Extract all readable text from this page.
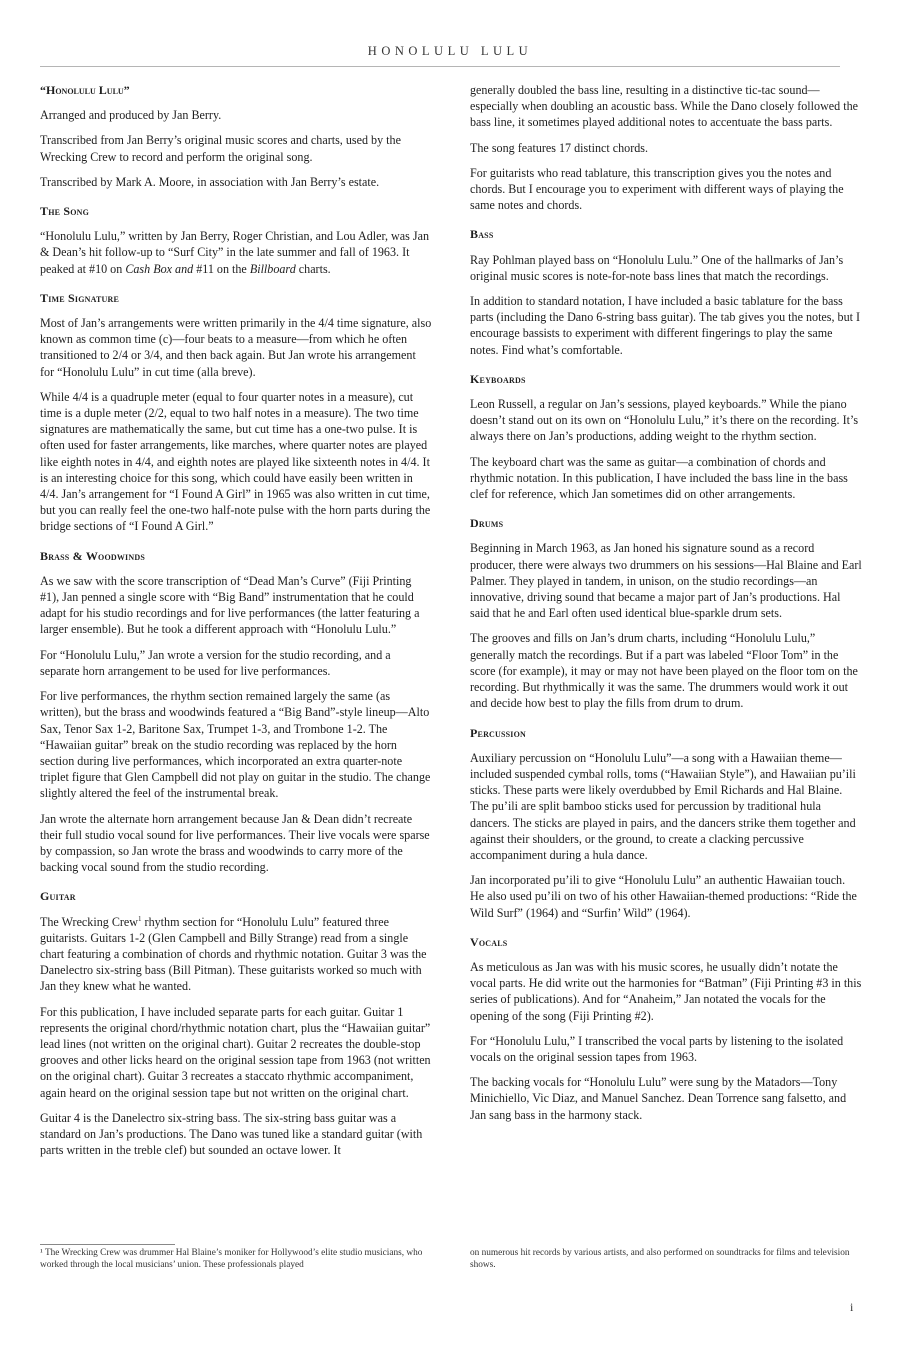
HONOLULU LULU
“Honolulu Lulu”

Arranged and produced by Jan Berry.

Transcribed from Jan Berry’s original music scores and charts, used by the Wrecking Crew to record and perform the original song.

Transcribed by Mark A. Moore, in association with Jan Berry’s estate.

The Song

“Honolulu Lulu,” written by Jan Berry, Roger Christian, and Lou Adler, was Jan & Dean’s hit follow-up to “Surf City” in the late summer and fall of 1963. It peaked at #10 on Cash Box and #11 on the Billboard charts.

Time Signature

Most of Jan’s arrangements were written primarily in the 4/4 time signature, also known as common time (c)—four beats to a measure—from which he often transitioned to 2/4 or 3/4, and then back again. But Jan wrote his arrangement for “Honolulu Lulu” in cut time (alla breve).

While 4/4 is a quadruple meter (equal to four quarter notes in a measure), cut time is a duple meter (2/2, equal to two half notes in a measure). The two time signatures are mathematically the same, but cut time has a one-two pulse. It is often used for faster arrangements, like marches, where quarter notes are played like eighth notes in 4/4, and eighth notes are played like sixteenth notes in 4/4. It is an interesting choice for this song, which could have easily been written in 4/4. Jan’s arrangement for “I Found A Girl” in 1965 was also written in cut time, but you can really feel the one-two half-note pulse with the horn parts during the bridge sections of “I Found A Girl.”

Brass & Woodwinds

As we saw with the score transcription of “Dead Man’s Curve” (Fiji Printing #1), Jan penned a single score with “Big Band” instrumentation that he could adapt for his studio recordings and for live performances (the latter featuring a larger ensemble). But he took a different approach with “Honolulu Lulu.”

For “Honolulu Lulu,” Jan wrote a version for the studio recording, and a separate horn arrangement to be used for live performances.

For live performances, the rhythm section remained largely the same (as written), but the brass and woodwinds featured a “Big Band”-style lineup—Alto Sax, Tenor Sax 1-2, Baritone Sax, Trumpet 1-3, and Trombone 1-2. The “Hawaiian guitar” break on the studio recording was replaced by the horn section during live performances, which incorporated an extra quarter-note triplet figure that Glen Campbell did not play on guitar in the studio. The change slightly altered the feel of the instrumental break.

Jan wrote the alternate horn arrangement because Jan & Dean didn’t recreate their full studio vocal sound for live performances. Their live vocals were sparse by compassion, so Jan wrote the brass and woodwinds to carry more of the backing vocal sound from the studio recording.

Guitar

The Wrecking Crew$^1$ rhythm section for “Honolulu Lulu” featured three guitarists. Guitars 1-2 (Glen Campbell and Billy Strange) read from a single chart featuring a combination of chords and rhythmic notation. Guitar 3 was the Danelectro six-string bass (Bill Pitman). These guitarists worked so much with Jan they knew what he wanted.

For this publication, I have included separate parts for each guitar. Guitar 1 represents the original chord/rhythmic notation chart, plus the “Hawaiian guitar” lead lines (not written on the original chart). Guitar 2 recreates the double-stop grooves and other licks heard on the original session tape from 1963 (not written on the original chart). Guitar 3 recreates a staccato rhythmic accompaniment, again heard on the original session tape but not written on the original chart.

Guitar 4 is the Danelectro six-string bass. The six-string bass guitar was a standard on Jan’s productions. The Dano was tuned like a standard guitar (with parts written in the treble clef) but sounded an octave lower. It

generally doubled the bass line, resulting in a distinctive tic-tac sound—especially when doubling an acoustic bass. While the Dano closely followed the bass line, it sometimes played additional notes to accentuate the bass parts.

The song features 17 distinct chords.

For guitarists who read tablature, this transcription gives you the notes and chords. But I encourage you to experiment with different ways of playing the same notes and chords.

Bass

Ray Pohlman played bass on “Honolulu Lulu.” One of the hallmarks of Jan’s original music scores is note-for-note bass lines that match the recordings.

In addition to standard notation, I have included a basic tablature for the bass parts (including the Dano 6-string bass guitar). The tab gives you the notes, but I encourage bassists to experiment with different fingerings to play the same notes. Find what’s comfortable.

Keyboards

Leon Russell, a regular on Jan’s sessions, played keyboards.” While the piano doesn’t stand out on its own on “Honolulu Lulu,” it’s there on the recording. It’s always there on Jan’s productions, adding weight to the rhythm section.

The keyboard chart was the same as guitar—a combination of chords and rhythmic notation. In this publication, I have included the bass line in the bass clef for reference, which Jan sometimes did on other arrangements.

Drums

Beginning in March 1963, as Jan honed his signature sound as a record producer, there were always two drummers on his sessions—Hal Blaine and Earl Palmer. They played in tandem, in unison, on the studio recordings—an innovative, driving sound that became a major part of Jan’s productions. Hal said that he and Earl often used identical blue-sparkle drum sets.

The grooves and fills on Jan’s drum charts, including “Honolulu Lulu,” generally match the recordings. But if a part was labeled “Floor Tom” in the score (for example), it may or may not have been played on the floor tom on the recording. But rhythmically it was the same. The drummers would work it out and decide how best to play the fills from drum to drum.

Percussion

Auxiliary percussion on “Honolulu Lulu”—a song with a Hawaiian theme—included suspended cymbal rolls, toms (“Hawaiian Style”), and Hawaiian pu’ili sticks. These parts were likely overdubbed by Emil Richards and Hal Blaine. The pu’ili are split bamboo sticks used for percussion by traditional hula dancers. The sticks are played in pairs, and the dancers strike them together and against their shoulders, or the ground, to create a clacking percussive accompaniment during a hula dance.

Jan incorporated pu’ili to give “Honolulu Lulu” an authentic Hawaiian touch. He also used pu’ili on two of his other Hawaiian-themed productions: “Ride the Wild Surf” (1964) and “Surfin’ Wild” (1964).

Vocals

As meticulous as Jan was with his music scores, he usually didn’t notate the vocal parts. He did write out the harmonies for “Batman” (Fiji Printing #3 in this series of publications). And for “Anaheim,” Jan notated the vocals for the opening of the song (Fiji Printing #2).

For “Honolulu Lulu,” I transcribed the vocal parts by listening to the isolated vocals on the original session tapes from 1963.

The backing vocals for “Honolulu Lulu” were sung by the Matadors—Tony Minichiello, Vic Diaz, and Manuel Sanchez. Dean Torrence sang falsetto, and Jan sang bass in the harmony stack.

¹ The Wrecking Crew was drummer Hal Blaine’s moniker for Hollywood’s elite studio musicians, who worked through the local musicians’ union. These professionals played
on numerous hit records by various artists, and also performed on soundtracks for films and television shows.
i
